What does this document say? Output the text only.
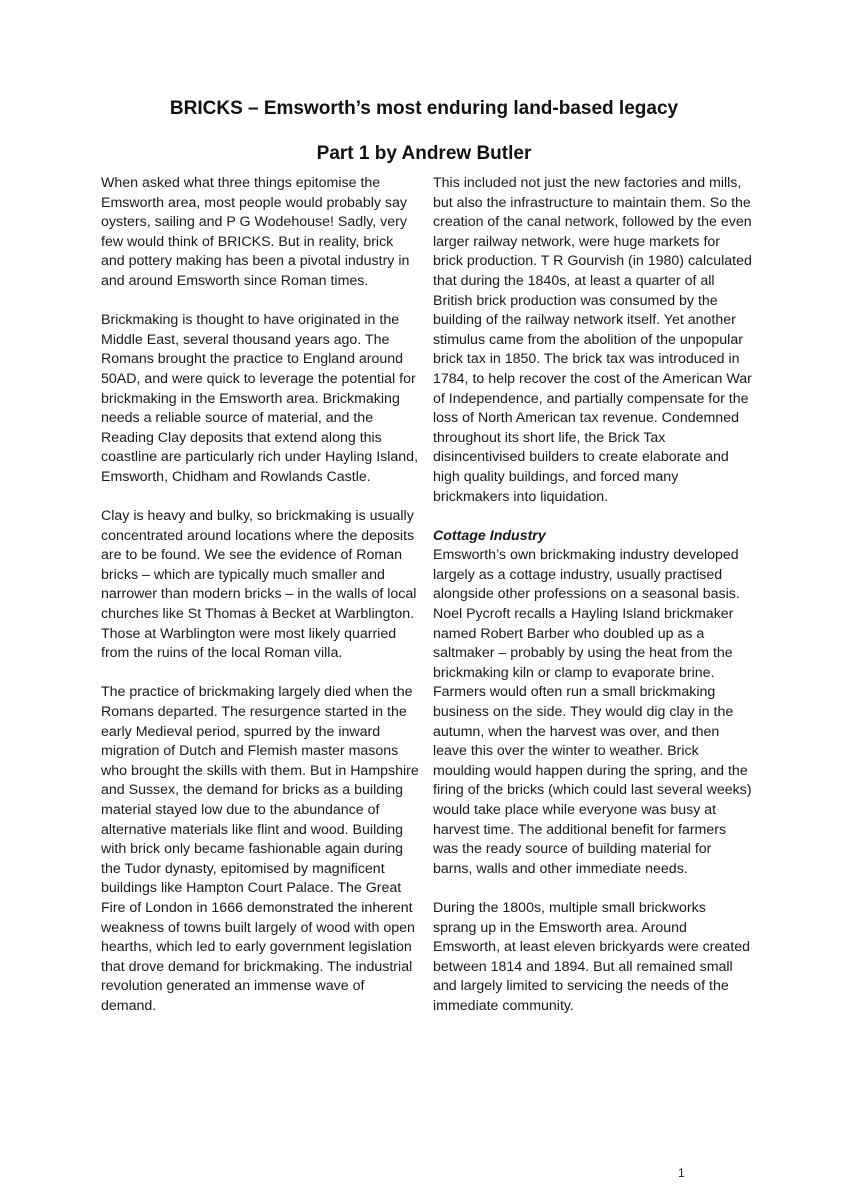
BRICKS – Emsworth’s most enduring land-based legacy
Part 1 by Andrew Butler

When asked what three things epitomise the Emsworth area, most people would probably say oysters, sailing and P G Wodehouse! Sadly, very few would think of BRICKS. But in reality, brick and pottery making has been a pivotal industry in and around Emsworth since Roman times.

Brickmaking is thought to have originated in the Middle East, several thousand years ago. The Romans brought the practice to England around 50AD, and were quick to leverage the potential for brickmaking in the Emsworth area. Brickmaking needs a reliable source of material, and the Reading Clay deposits that extend along this coastline are particularly rich under Hayling Island, Emsworth, Chidham and Rowlands Castle.

Clay is heavy and bulky, so brickmaking is usually concentrated around locations where the deposits are to be found. We see the evidence of Roman bricks – which are typically much smaller and narrower than modern bricks – in the walls of local churches like St Thomas à Becket at Warblington. Those at Warblington were most likely quarried from the ruins of the local Roman villa.

The practice of brickmaking largely died when the Romans departed. The resurgence started in the early Medieval period, spurred by the inward migration of Dutch and Flemish master masons who brought the skills with them. But in Hampshire and Sussex, the demand for bricks as a building material stayed low due to the abundance of alternative materials like flint and wood. Building with brick only became fashionable again during the Tudor dynasty, epitomised by magnificent buildings like Hampton Court Palace. The Great Fire of London in 1666 demonstrated the inherent weakness of towns built largely of wood with open hearths, which led to early government legislation that drove demand for brickmaking. The industrial revolution generated an immense wave of demand.

This included not just the new factories and mills, but also the infrastructure to maintain them. So the creation of the canal network, followed by the even larger railway network, were huge markets for brick production. T R Gourvish (in 1980) calculated that during the 1840s, at least a quarter of all British brick production was consumed by the building of the railway network itself. Yet another stimulus came from the abolition of the unpopular brick tax in 1850. The brick tax was introduced in 1784, to help recover the cost of the American War of Independence, and partially compensate for the loss of North American tax revenue. Condemned throughout its short life, the Brick Tax disincentivised builders to create elaborate and high quality buildings, and forced many brickmakers into liquidation.

Cottage Industry

Emsworth’s own brickmaking industry developed largely as a cottage industry, usually practised alongside other professions on a seasonal basis. Noel Pycroft recalls a Hayling Island brickmaker named Robert Barber who doubled up as a saltmaker – probably by using the heat from the brickmaking kiln or clamp to evaporate brine. Farmers would often run a small brickmaking business on the side. They would dig clay in the autumn, when the harvest was over, and then leave this over the winter to weather. Brick moulding would happen during the spring, and the firing of the bricks (which could last several weeks) would take place while everyone was busy at harvest time. The additional benefit for farmers was the ready source of building material for barns, walls and other immediate needs.

During the 1800s, multiple small brickworks sprang up in the Emsworth area. Around Emsworth, at least eleven brickyards were created between 1814 and 1894. But all remained small and largely limited to servicing the needs of the immediate community.

1
